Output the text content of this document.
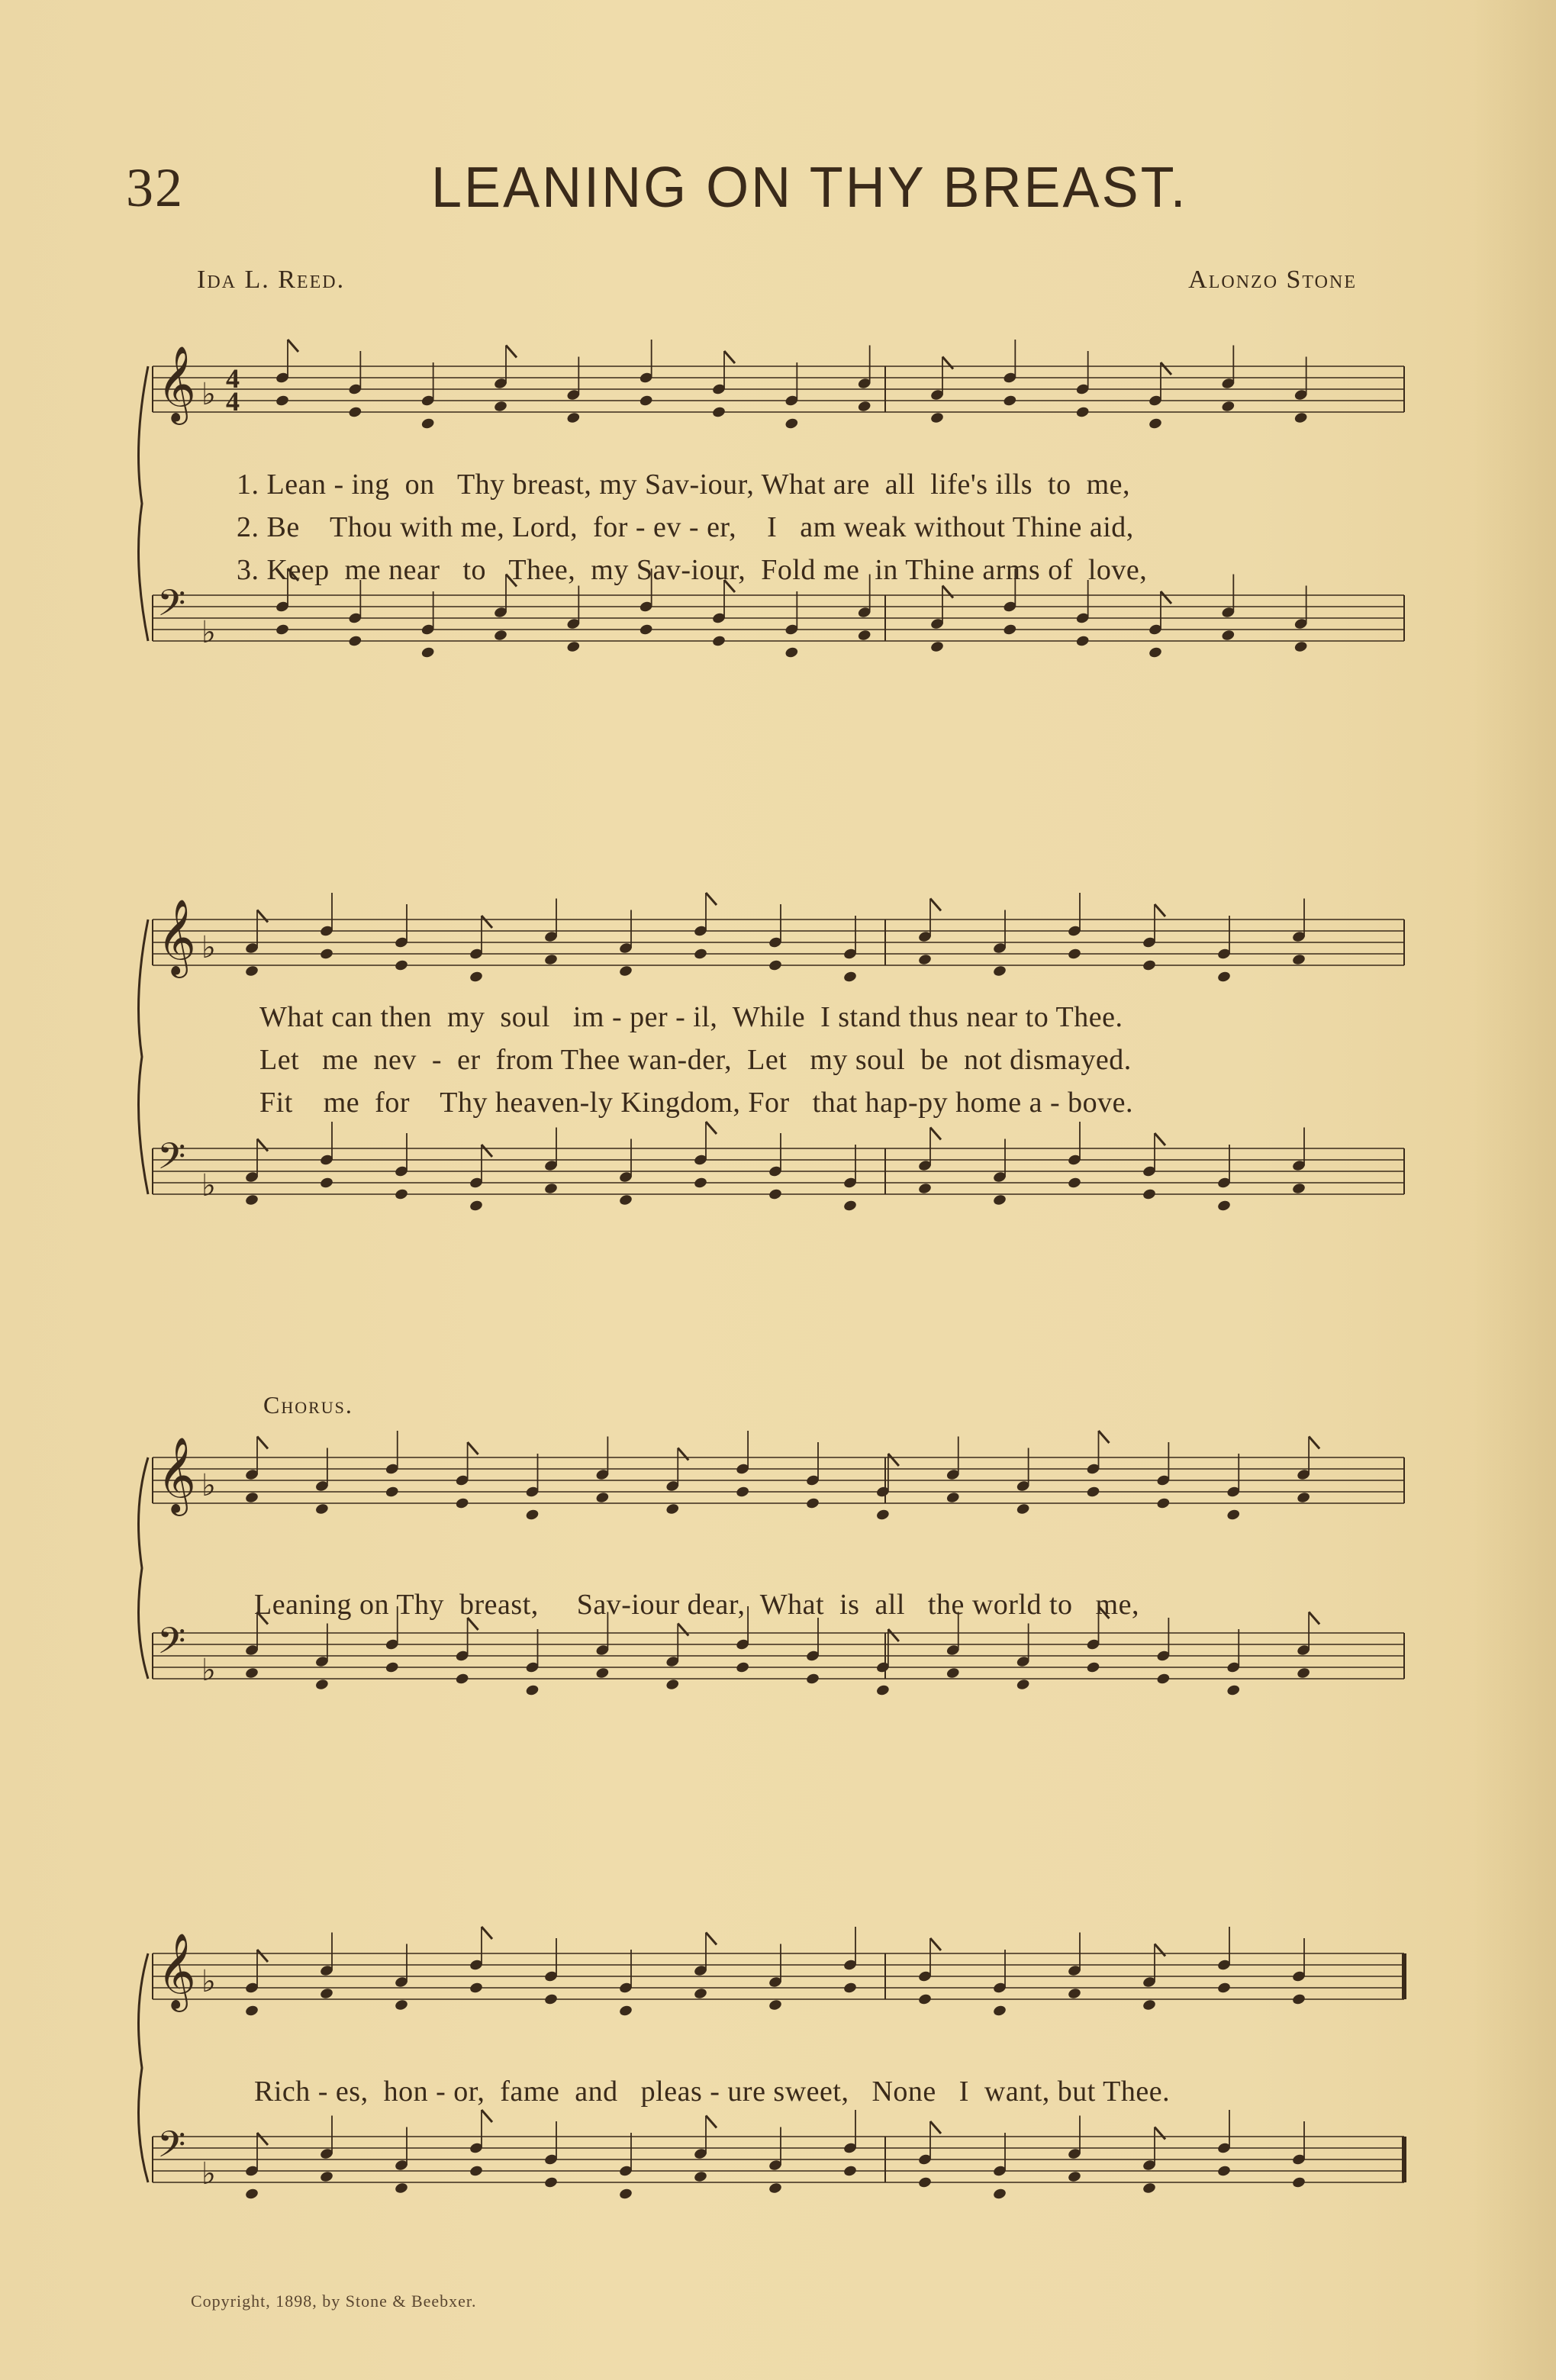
32	LEANING ON THY BREAST.
Ida L. Reed.	Alonzo Stone
𝄞 ♭
𝄢 ♭
4
4
1. Lean - ing  on   Thy breast, my Sav-iour, What are  all  life's ills  to  me,
2. Be    Thou with me, Lord,  for - ev - er,    I   am weak without Thine aid,
3. Keep  me near   to   Thee,  my Sav-iour,  Fold me  in Thine arms of  love,
𝄞 ♭
𝄢 ♭
What can then  my  soul   im - per - il,  While  I stand thus near to Thee.
Let   me  nev  -  er  from Thee wan-der,  Let   my soul  be  not dismayed.
Fit    me  for    Thy heaven-ly Kingdom, For   that hap-py home a - bove.
Chorus.
𝄞 ♭
𝄢 ♭
Leaning on Thy  breast,     Sav-iour dear,  What  is  all   the world to   me,
𝄞 ♭
𝄢 ♭
Rich - es,  hon - or,  fame  and   pleas - ure sweet,   None   I  want, but Thee.
Copyright, 1898, by Stone & Beebxer.
